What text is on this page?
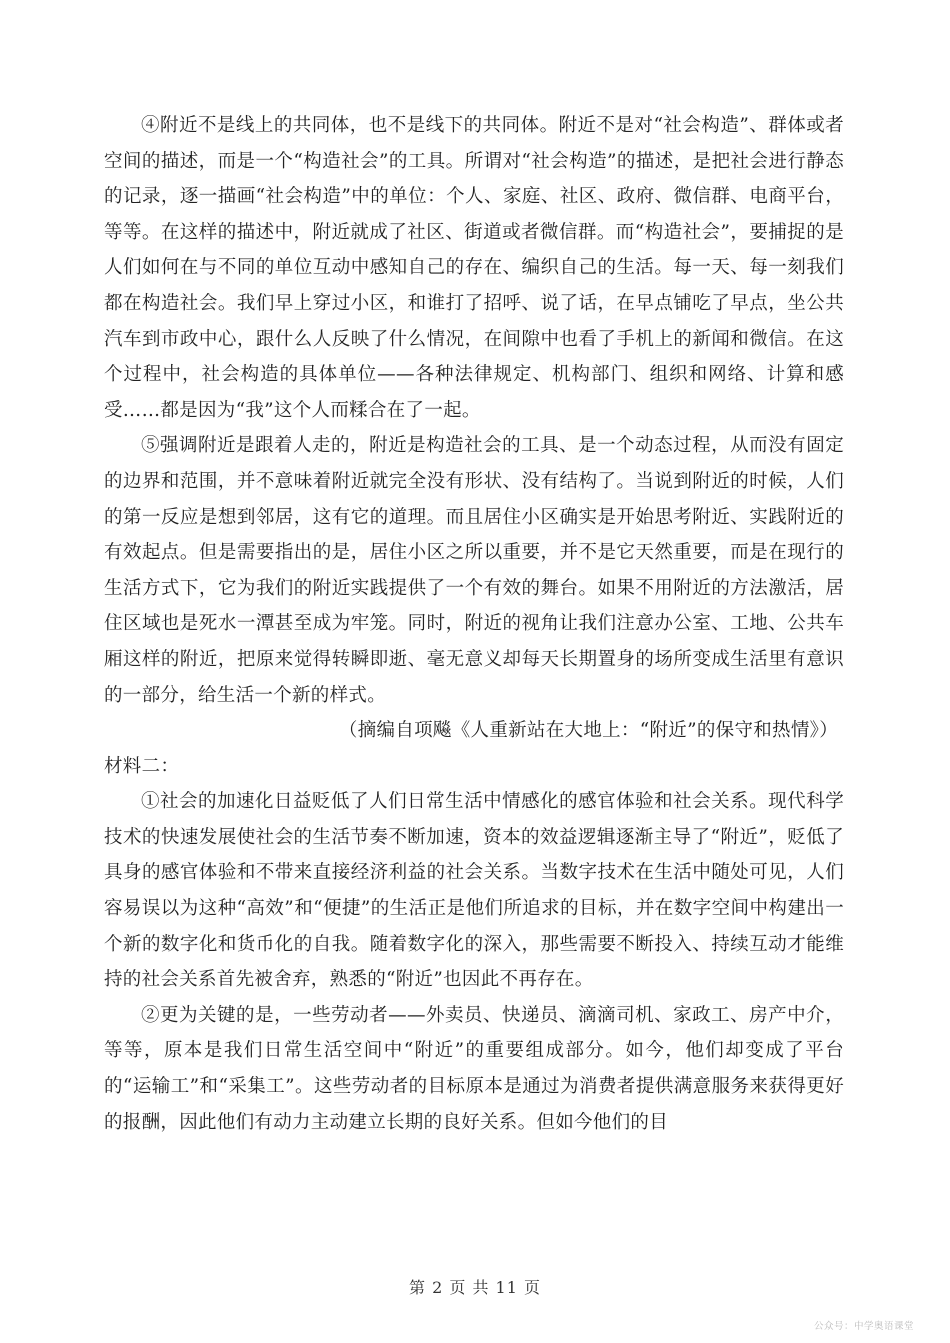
④附近不是线上的共同体，也不是线下的共同体。附近不是对“社会构造”、群体或者空间的描述，而是一个“构造社会”的工具。所谓对“社会构造”的描述，是把社会进行静态的记录，逐一描画“社会构造”中的单位：个人、家庭、社区、政府、微信群、电商平台，等等。在这样的描述中，附近就成了社区、街道或者微信群。而“构造社会”，要捕捉的是人们如何在与不同的单位互动中感知自己的存在、编织自己的生活。每一天、每一刻我们都在构造社会。我们早上穿过小区，和谁打了招呼、说了话，在早点铺吃了早点，坐公共汽车到市政中心，跟什么人反映了什么情况，在间隙中也看了手机上的新闻和微信。在这个过程中，社会构造的具体单位——各种法律规定、机构部门、组织和网络、计算和感受……都是因为“我”这个人而糅合在了一起。

⑤强调附近是跟着人走的，附近是构造社会的工具、是一个动态过程，从而没有固定的边界和范围，并不意味着附近就完全没有形状、没有结构了。当说到附近的时候，人们的第一反应是想到邻居，这有它的道理。而且居住小区确实是开始思考附近、实践附近的有效起点。但是需要指出的是，居住小区之所以重要，并不是它天然重要，而是在现行的生活方式下，它为我们的附近实践提供了一个有效的舞台。如果不用附近的方法激活，居住区域也是死水一潭甚至成为牢笼。同时，附近的视角让我们注意办公室、工地、公共车厢这样的附近，把原来觉得转瞬即逝、毫无意义却每天长期置身的场所变成生活里有意识的一部分，给生活一个新的样式。

（摘编自项飚《人重新站在大地上：“附近”的保守和热情》）

材料二：

①社会的加速化日益贬低了人们日常生活中情感化的感官体验和社会关系。现代科学技术的快速发展使社会的生活节奏不断加速，资本的效益逻辑逐渐主导了“附近”，贬低了具身的感官体验和不带来直接经济利益的社会关系。当数字技术在生活中随处可见，人们容易误以为这种“高效”和“便捷”的生活正是他们所追求的目标，并在数字空间中构建出一个新的数字化和货币化的自我。随着数字化的深入，那些需要不断投入、持续互动才能维持的社会关系首先被舍弃，熟悉的“附近”也因此不再存在。

②更为关键的是，一些劳动者——外卖员、快递员、滴滴司机、家政工、房产中介，等等，原本是我们日常生活空间中“附近”的重要组成部分。如今，他们却变成了平台的“运输工”和“采集工”。这些劳动者的目标原本是通过为消费者提供满意服务来获得更好的报酬，因此他们有动力主动建立长期的良好关系。但如今他们的目

第 2 页 共 11 页
公众号：中学奥语课堂
